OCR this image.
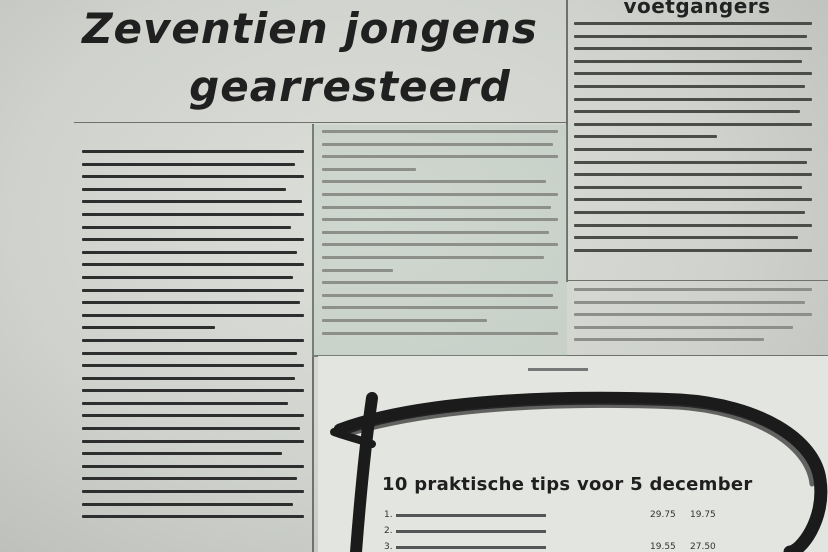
Zeventien jongens
gearresteerd
voetgangers
10 praktische tips voor 5 december
1.	29.75	19.75
2.
3.	19.55	27.50
